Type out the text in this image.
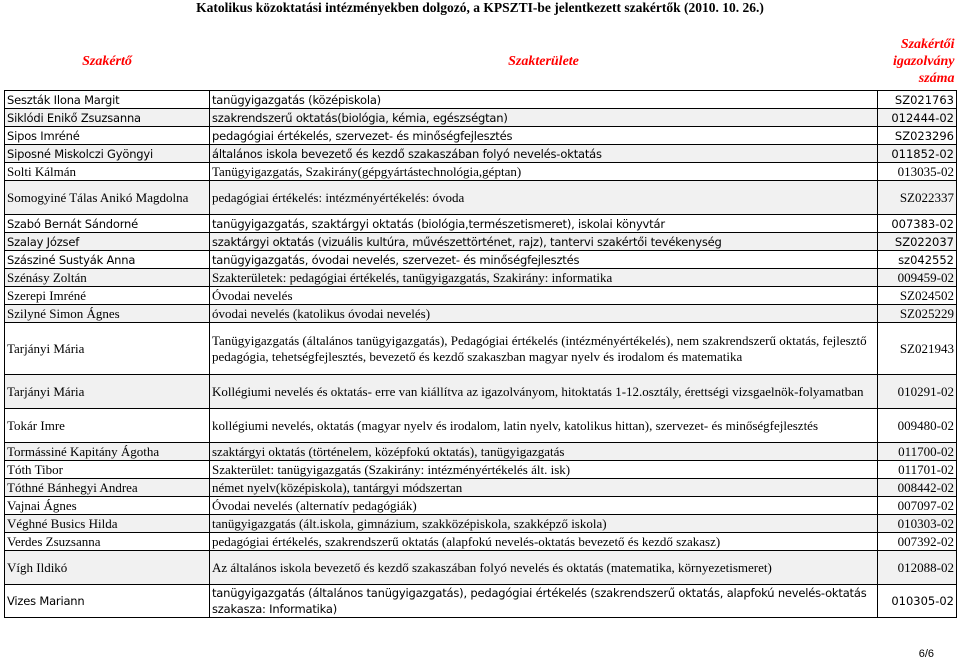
Katolikus közoktatási intézményekben dolgozó, a KPSZTI-be jelentkezett szakértők (2010. 10. 26.)
Szakértő	Szakterülete	Szakértői
igazolvány
száma
Seszták Ilona Margit	tanügyigazgatás (középiskola)	SZ021763
Siklódi Enikő Zsuzsanna	szakrendszerű oktatás(biológia, kémia, egészségtan)	012444-02
Sipos Imréné	pedagógiai értékelés, szervezet- és minőségfejlesztés	SZ023296
Siposné Miskolczi Gyöngyi	általános iskola bevezető és kezdő szakaszában folyó nevelés-oktatás	011852-02
Solti Kálmán	Tanügyigazgatás, Szakirány(gépgyártástechnológia,géptan)	013035-02
Somogyiné Tálas Anikó Magdolna	pedagógiai értékelés: intézményértékelés: óvoda	SZ022337
Szabó Bernát Sándorné	tanügyigazgatás, szaktárgyi oktatás (biológia,természetismeret), iskolai könyvtár	007383-02
Szalay József	szaktárgyi oktatás (vizuális kultúra, művészettörténet, rajz), tantervi szakértői tevékenység	SZ022037
Szásziné Sustyák Anna	tanügyigazgatás, óvodai nevelés, szervezet- és minőségfejlesztés	sz042552
Szénásy Zoltán	Szakterületek: pedagógiai értékelés, tanügyigazgatás, Szakirány: informatika	009459-02
Szerepi Imréné	Óvodai nevelés	SZ024502
Szilyné Simon Ágnes	óvodai nevelés (katolikus óvodai nevelés)	SZ025229
Tarjányi Mária	Tanügyigazgatás (általános tanügyigazgatás), Pedagógiai értékelés (intézményértékelés), nem szakrendszerű oktatás, fejlesztő pedagógia, tehetségfejlesztés, bevezető és kezdő szakaszban magyar nyelv és irodalom és matematika	SZ021943
Tarjányi Mária	Kollégiumi nevelés és oktatás- erre van kiállítva az igazolványom, hitoktatás 1-12.osztály, érettségi vizsgaelnök-folyamatban	010291-02
Tokár Imre	kollégiumi nevelés, oktatás (magyar nyelv és irodalom, latin nyelv, katolikus hittan), szervezet- és minőségfejlesztés	009480-02
Tormássiné Kapitány Ágotha	szaktárgyi oktatás (történelem, középfokú oktatás), tanügyigazgatás	011700-02
Tóth Tibor	Szakterület: tanügyigazgatás (Szakirány: intézményértékelés ált. isk)	011701-02
Tóthné Bánhegyi Andrea	német nyelv(középiskola), tantárgyi módszertan	008442-02
Vajnai Ágnes	Óvodai nevelés (alternatív pedagógiák)	007097-02
Véghné Busics Hilda	tanügyigazgatás (ált.iskola, gimnázium, szakközépiskola, szakképző iskola)	010303-02
Verdes Zsuzsanna	pedagógiai értékelés, szakrendszerű oktatás (alapfokú nevelés-oktatás bevezető és kezdő szakasz)	007392-02
Vígh Ildikó	Az általános iskola bevezető és kezdő szakaszában folyó nevelés és oktatás (matematika, környezetismeret)	012088-02
Vizes Mariann	tanügyigazgatás (általános tanügyigazgatás), pedagógiai értékelés (szakrendszerű oktatás, alapfokú nevelés-oktatás szakasza: Informatika)	010305-02
6/6
